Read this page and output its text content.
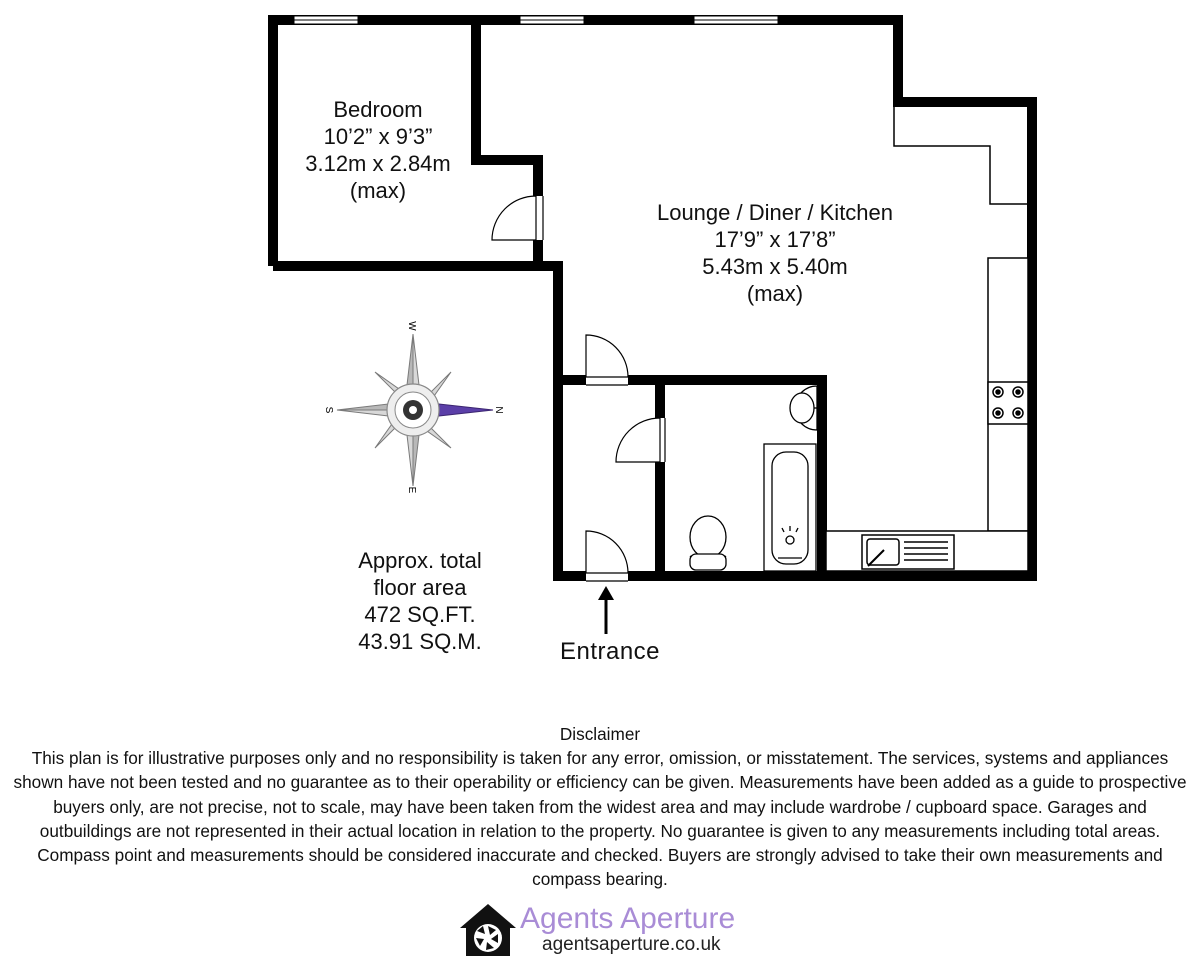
W
E
S	N
Bedroom
10’2” x 9’3”
3.12m x 2.84m
(max)
Lounge / Diner / Kitchen
17’9” x 17’8”
5.43m x 5.40m
(max)
Approx. total
floor area
472 SQ.FT.
43.91 SQ.M.	Entrance
Disclaimer
This plan is for illustrative purposes only and no responsibility is taken for any error, omission, or misstatement. The services, systems and appliances shown have not been tested and no guarantee as to their operability or efficiency can be given. Measurements have been added as a guide to prospective buyers only, are not precise, not to scale, may have been taken from the widest area and may include wardrobe / cupboard space. Garages and outbuildings are not represented in their actual location in relation to the property. No guarantee is given to any measurements including total areas. Compass point and measurements should be considered inaccurate and checked. Buyers are strongly advised to take their own measurements and compass bearing.
Agents Aperture
agentsaperture.co.uk
